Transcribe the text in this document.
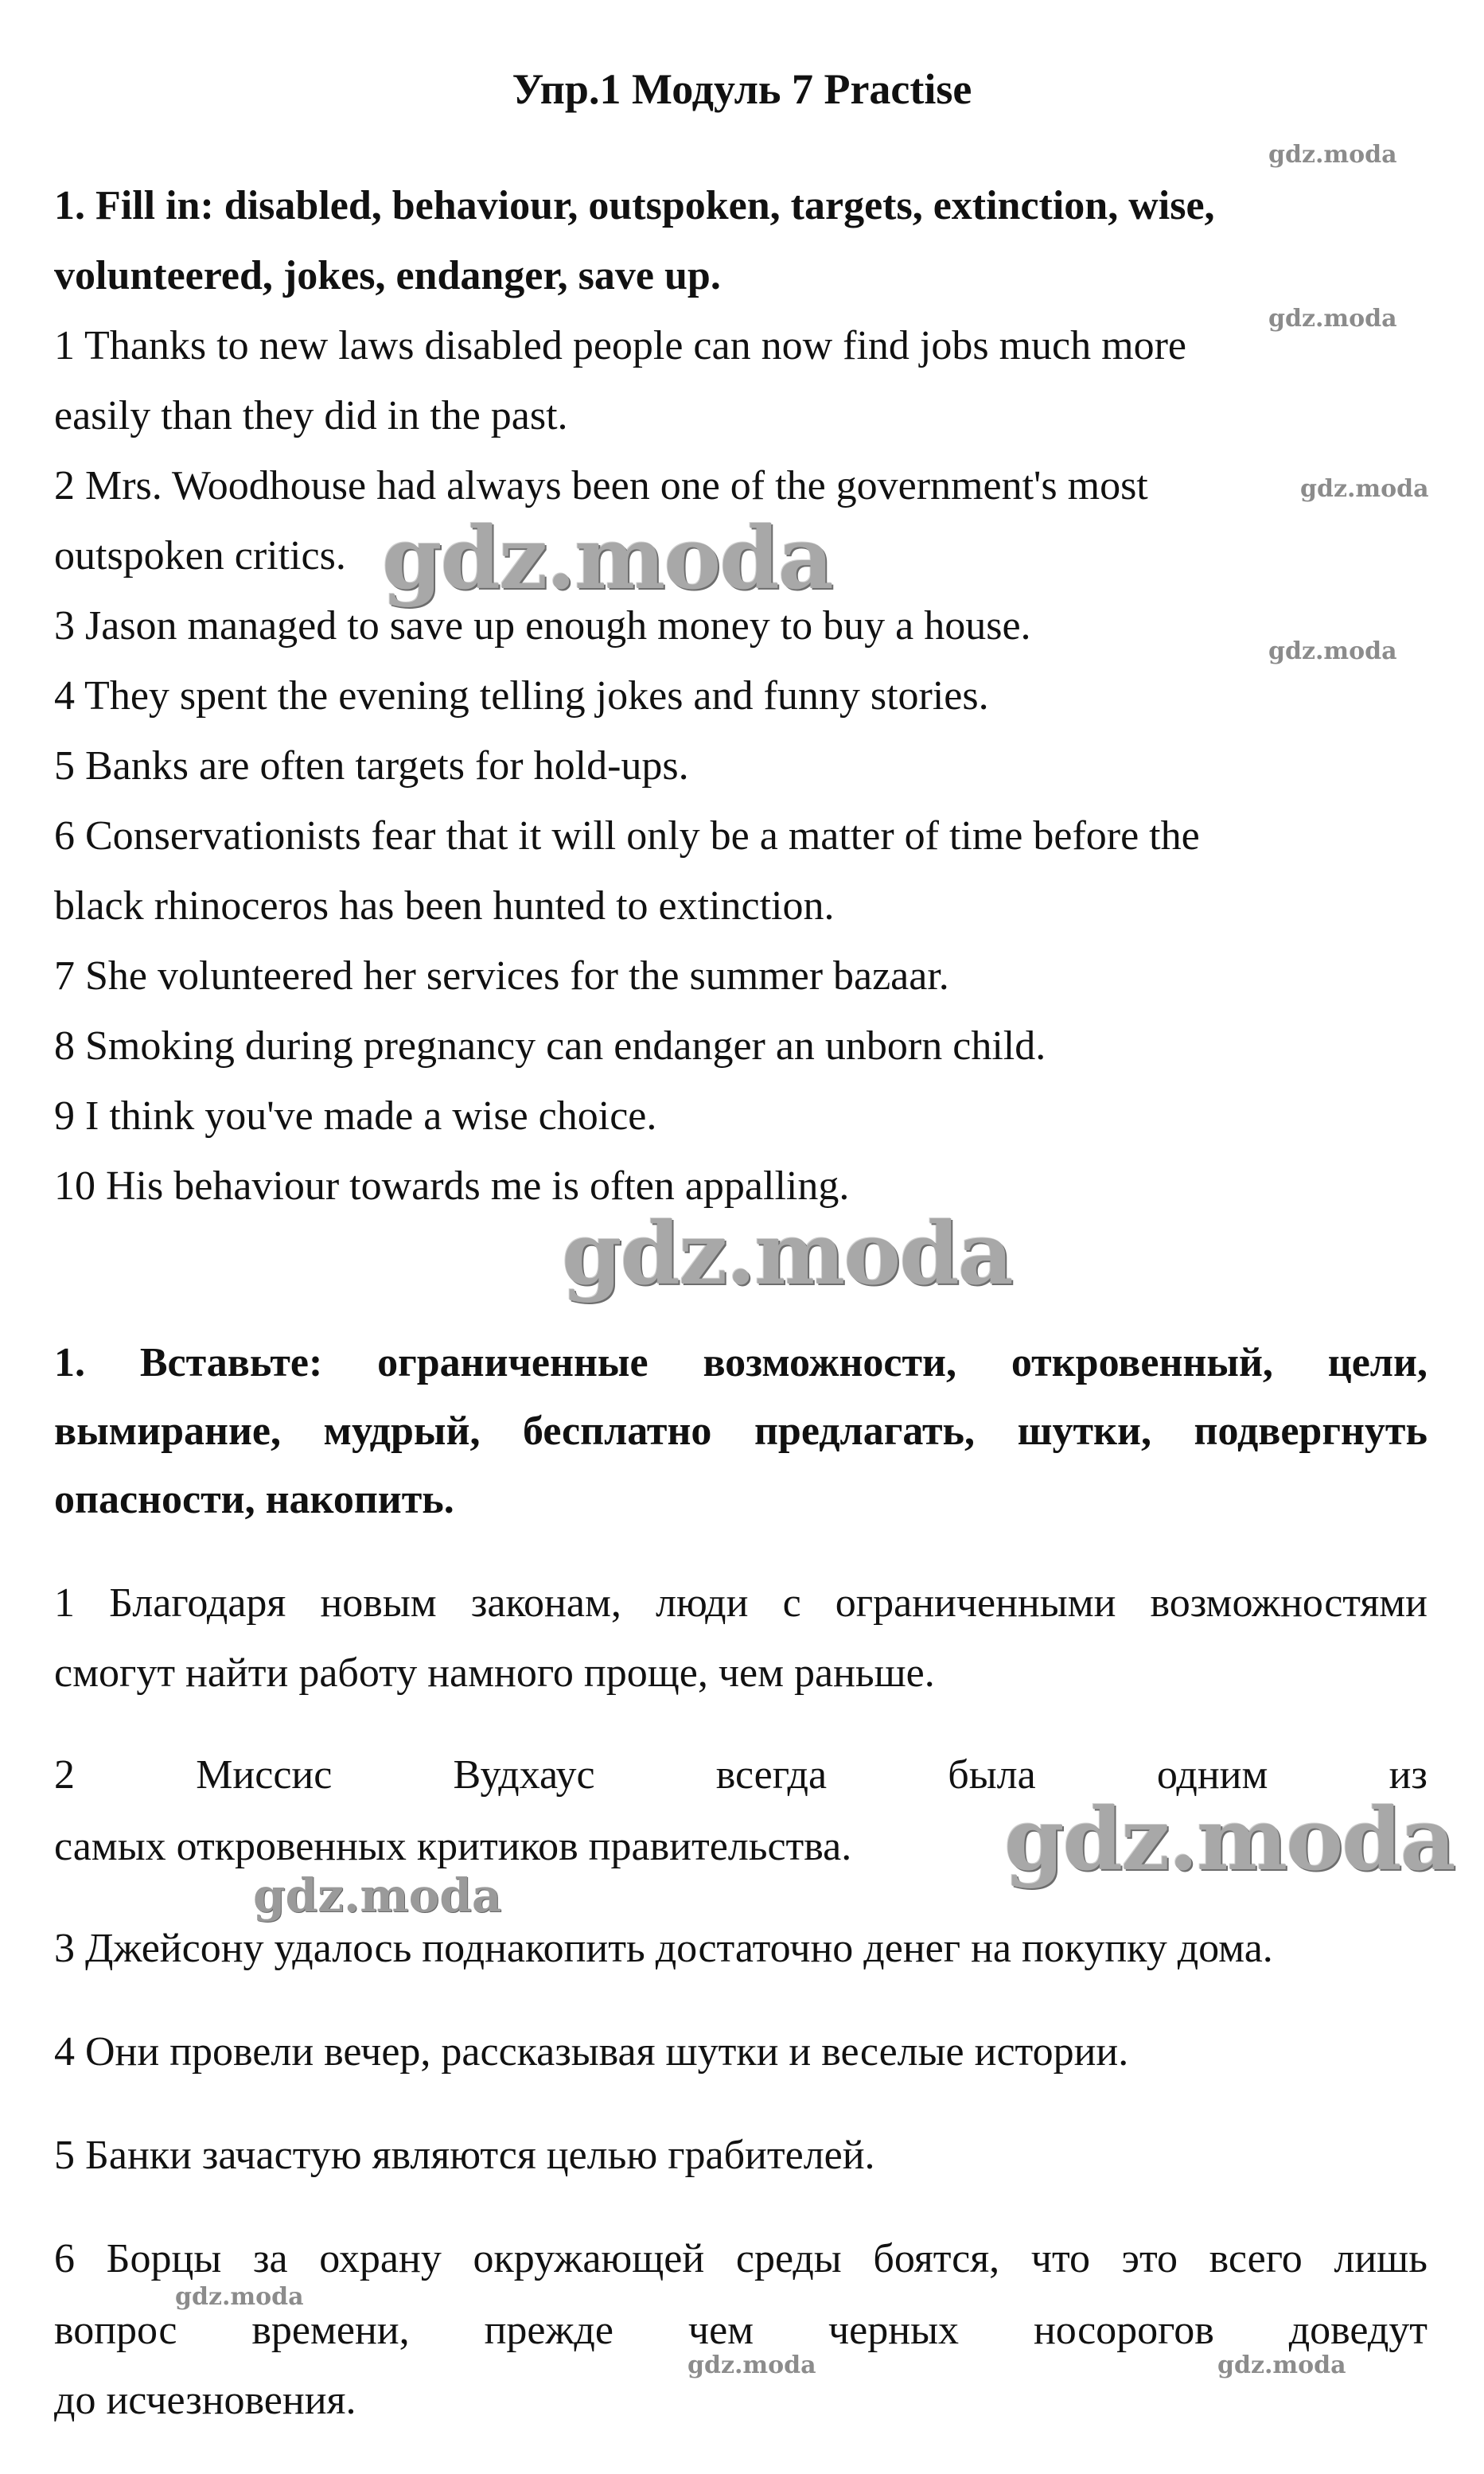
Упр.1 Модуль 7 Practise
1. Fill in: disabled, behaviour, outspoken, targets, extinction, wise,
volunteered, jokes, endanger, save up.
1 Thanks to new laws disabled people can now find jobs much more
easily than they did in the past.
2 Mrs. Woodhouse had always been one of the government's most
outspoken critics.
3 Jason managed to save up enough money to buy a house.
4 They spent the evening telling jokes and funny stories.
5 Banks are often targets for hold-ups.
6 Conservationists fear that it will only be a matter of time before the
black rhinoceros has been hunted to extinction.
7 She volunteered her services for the summer bazaar.
8 Smoking during pregnancy can endanger an unborn child.
9 I think you've made a wise choice.
10 His behaviour towards me is often appalling.
1. Вставьте: ограниченные возможности, откровенный, цели,
вымирание, мудрый, бесплатно предлагать, шутки, подвергнуть
опасности, накопить.
1 Благодаря новым законам, люди с ограниченными возможностями
смогут найти работу намного проще, чем раньше.
2	Миссис	Вудхаус	всегда	была	одним	из
самых откровенных критиков правительства.
3 Джейсону удалось поднакопить достаточно денег на покупку дома.
4 Они провели вечер, рассказывая шутки и веселые истории.
5 Банки зачастую являются целью грабителей.
6 Борцы за охрану окружающей среды боятся, что это всего лишь
вопрос времени, прежде чем черных носорогов доведут
до исчезновения.
gdz.moda
gdz.moda
gdz.moda
gdz.moda
gdz.moda
gdz.moda
gdz.moda
gdz.moda
gdz.moda
gdz.moda	gdz.moda
